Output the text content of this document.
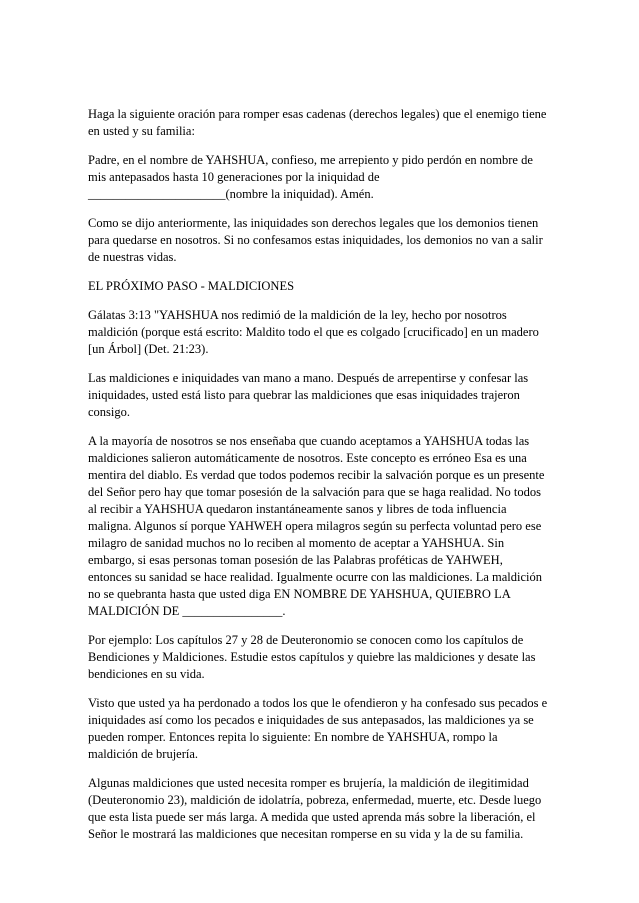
Haga la siguiente oración para romper esas cadenas (derechos legales) que el enemigo tiene
en usted y su familia:

Padre, en el nombre de YAHSHUA, confieso, me arrepiento y pido perdón en nombre de
mis antepasados hasta 10 generaciones por la iniquidad de
______________________(nombre la iniquidad). Amén.

Como se dijo anteriormente, las iniquidades son derechos legales que los demonios tienen
para quedarse en nosotros. Si no confesamos estas iniquidades, los demonios no van a salir
de nuestras vidas.

EL PRÓXIMO PASO - MALDICIONES

Gálatas 3:13 "YAHSHUA nos redimió de la maldición de la ley, hecho por nosotros
maldición (porque está escrito: Maldito todo el que es colgado [crucificado] en un madero
[un Árbol] (Det. 21:23).

Las maldiciones e iniquidades van mano a mano. Después de arrepentirse y confesar las
iniquidades, usted está listo para quebrar las maldiciones que esas iniquidades trajeron
consigo.

A la mayoría de nosotros se nos enseñaba que cuando aceptamos a YAHSHUA todas las
maldiciones salieron automáticamente de nosotros. Este concepto es erróneo Esa es una
mentira del diablo. Es verdad que todos podemos recibir la salvación porque es un presente
del Señor pero hay que tomar posesión de la salvación para que se haga realidad. No todos
al recibir a YAHSHUA quedaron instantáneamente sanos y libres de toda influencia
maligna. Algunos sí porque YAHWEH opera milagros según su perfecta voluntad pero ese
milagro de sanidad muchos no lo reciben al momento de aceptar a YAHSHUA. Sin
embargo, si esas personas toman posesión de las Palabras proféticas de YAHWEH,
entonces su sanidad se hace realidad. Igualmente ocurre con las maldiciones. La maldición
no se quebranta hasta que usted diga EN NOMBRE DE YAHSHUA, QUIEBRO LA
MALDICIÓN DE ________________.

Por ejemplo: Los capítulos 27 y 28 de Deuteronomio se conocen como los capítulos de
Bendiciones y Maldiciones. Estudie estos capítulos y quiebre las maldiciones y desate las
bendiciones en su vida.

Visto que usted ya ha perdonado a todos los que le ofendieron y ha confesado sus pecados e
iniquidades así como los pecados e iniquidades de sus antepasados, las maldiciones ya se
pueden romper. Entonces repita lo siguiente: En nombre de YAHSHUA, rompo la
maldición de brujería.

Algunas maldiciones que usted necesita romper es brujería, la maldición de ilegitimidad
(Deuteronomio 23), maldición de idolatría, pobreza, enfermedad, muerte, etc. Desde luego
que esta lista puede ser más larga. A medida que usted aprenda más sobre la liberación, el
Señor le mostrará las maldiciones que necesitan romperse en su vida y la de su familia.
